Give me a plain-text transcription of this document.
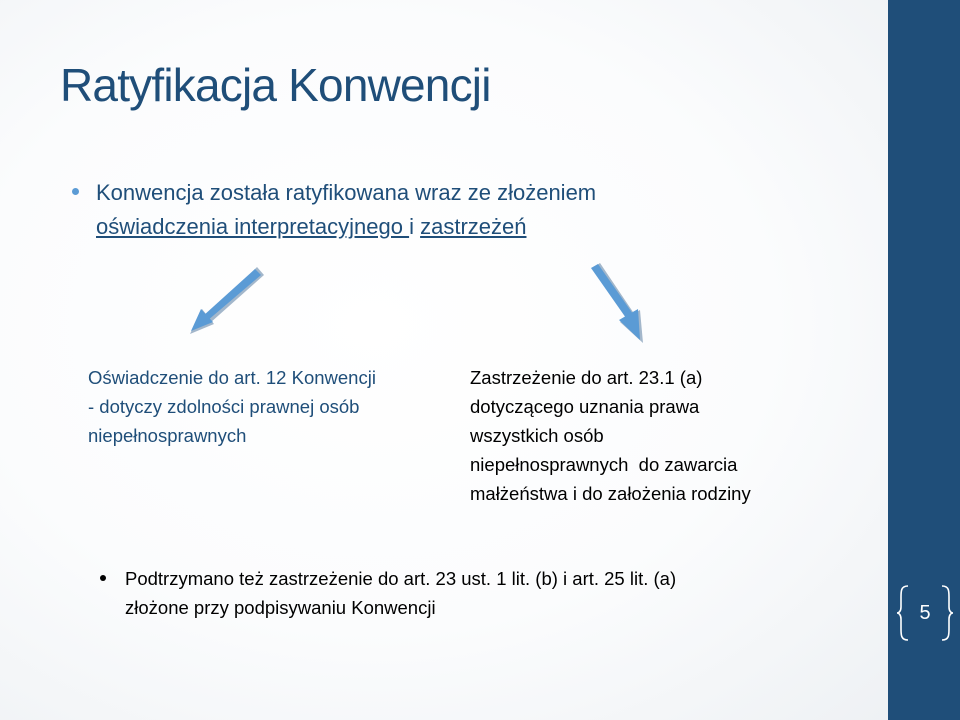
Ratyfikacja Konwencji
Konwencja została ratyfikowana wraz ze złożeniem
oświadczenia interpretacyjnego i zastrzeżeń
Oświadczenie do art. 12 Konwencji
- dotyczy zdolności prawnej osób
niepełnosprawnych
Zastrzeżenie do art. 23.1 (a)
dotyczącego uznania prawa
wszystkich osób
niepełnosprawnych  do zawarcia
małżeństwa i do założenia rodziny
Podtrzymano też zastrzeżenie do art. 23 ust. 1 lit. (b) i art. 25 lit. (a)
złożone przy podpisywaniu Konwencji	5
